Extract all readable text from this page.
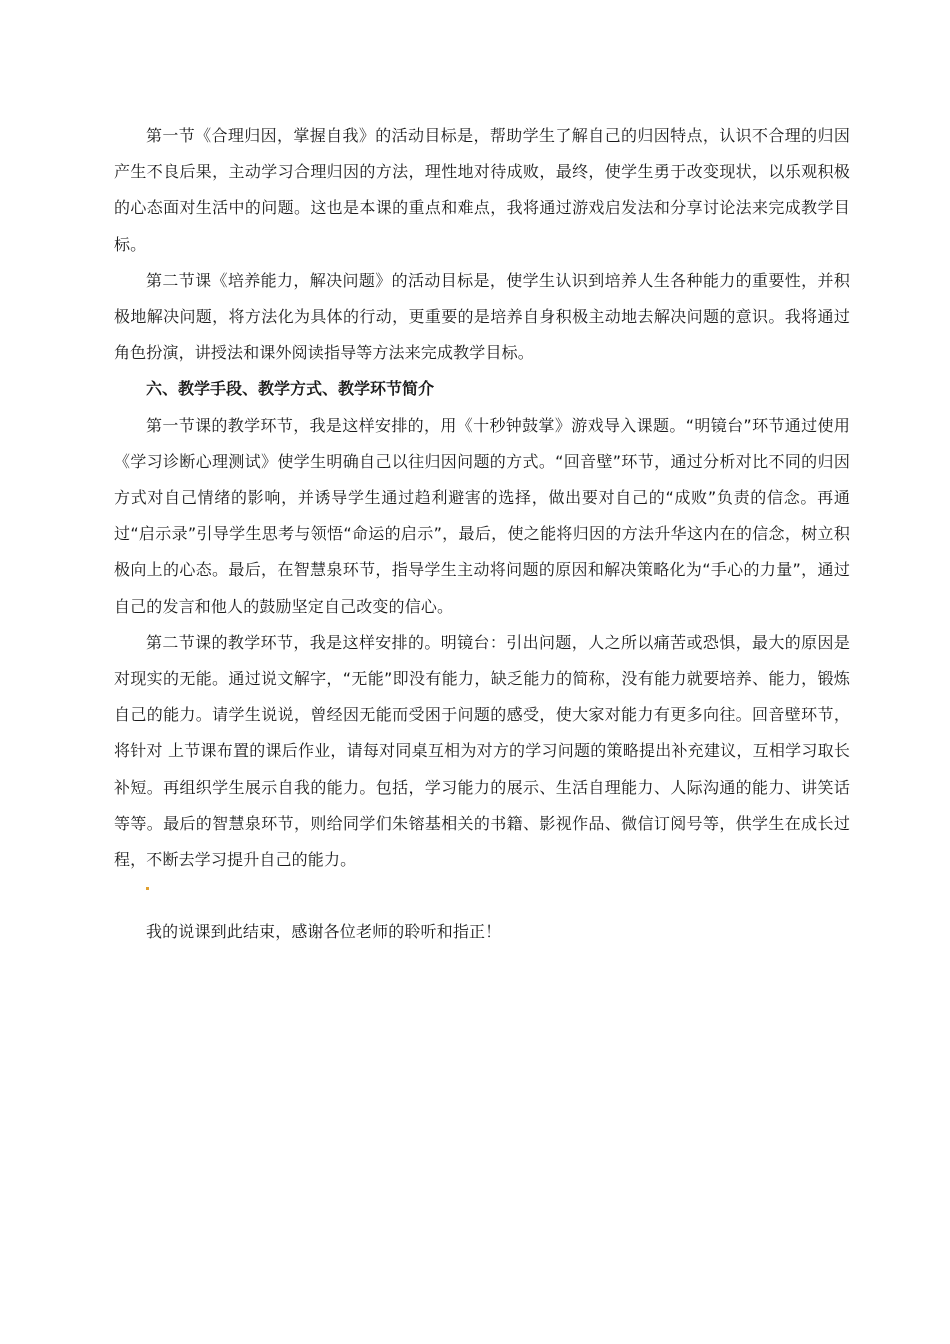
第一节《合理归因，掌握自我》的活动目标是，帮助学生了解自己的归因特点，认识不合理的归因产生不良后果，主动学习合理归因的方法，理性地对待成败，最终，使学生勇于改变现状，以乐观积极的心态面对生活中的问题。这也是本课的重点和难点，我将通过游戏启发法和分享讨论法来完成教学目标。

第二节课《培养能力，解决问题》的活动目标是，使学生认识到培养人生各种能力的重要性，并积极地解决问题，将方法化为具体的行动，更重要的是培养自身积极主动地去解决问题的意识。我将通过角色扮演，讲授法和课外阅读指导等方法来完成教学目标。

六、教学手段、教学方式、教学环节简介

第一节课的教学环节，我是这样安排的，用《十秒钟鼓掌》游戏导入课题。“明镜台”环节通过使用《学习诊断心理测试》使学生明确自己以往归因问题的方式。“回音壁”环节，通过分析对比不同的归因方式对自己情绪的影响，并诱导学生通过趋利避害的选择，做出要对自己的“成败”负责的信念。再通过“启示录”引导学生思考与领悟“命运的启示”，最后，使之能将归因的方法升华这内在的信念，树立积极向上的心态。最后，在智慧泉环节，指导学生主动将问题的原因和解决策略化为“手心的力量”，通过自己的发言和他人的鼓励坚定自己改变的信心。

第二节课的教学环节，我是这样安排的。明镜台：引出问题，人之所以痛苦或恐惧，最大的原因是对现实的无能。通过说文解字，“无能”即没有能力，缺乏能力的简称，没有能力就要培养、能力，锻炼自己的能力。请学生说说，曾经因无能而受困于问题的感受，使大家对能力有更多向往。回音壁环节，将针对 上节课布置的课后作业，请每对同桌互相为对方的学习问题的策略提出补充建议，互相学习取长补短。再组织学生展示自我的能力。包括，学习能力的展示、生活自理能力、人际沟通的能力、讲笑话等等。最后的智慧泉环节，则给同学们朱镕基相关的书籍、影视作品、微信订阅号等，供学生在成长过程，不断去学习提升自己的能力。

我的说课到此结束，感谢各位老师的聆听和指正！
